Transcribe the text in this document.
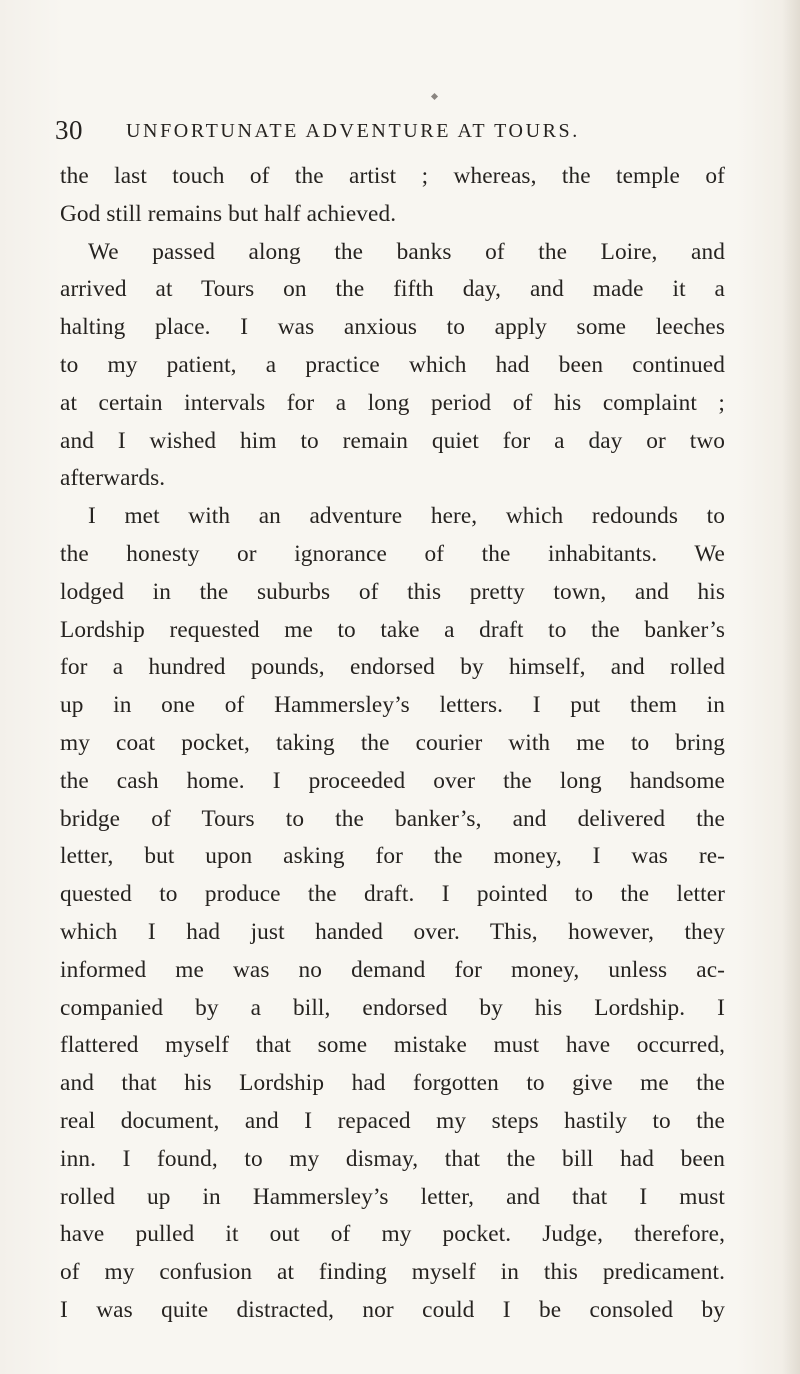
30 UNFORTUNATE ADVENTURE AT TOURS.
the last touch of the artist ; whereas, the temple of
God still remains but half achieved.
We passed along the banks of the Loire, and
arrived at Tours on the fifth day, and made it a
halting place. I was anxious to apply some leeches
to my patient, a practice which had been continued
at certain intervals for a long period of his complaint ;
and I wished him to remain quiet for a day or two
afterwards.
I met with an adventure here, which redounds to
the honesty or ignorance of the inhabitants. We
lodged in the suburbs of this pretty town, and his
Lordship requested me to take a draft to the banker’s
for a hundred pounds, endorsed by himself, and rolled
up in one of Hammersley’s letters. I put them in
my coat pocket, taking the courier with me to bring
the cash home. I proceeded over the long handsome
bridge of Tours to the banker’s, and delivered the
letter, but upon asking for the money, I was re-
quested to produce the draft. I pointed to the letter
which I had just handed over. This, however, they
informed me was no demand for money, unless ac-
companied by a bill, endorsed by his Lordship. I
flattered myself that some mistake must have occurred,
and that his Lordship had forgotten to give me the
real document, and I repaced my steps hastily to the
inn. I found, to my dismay, that the bill had been
rolled up in Hammersley’s letter, and that I must
have pulled it out of my pocket. Judge, therefore,
of my confusion at finding myself in this predicament.
I was quite distracted, nor could I be consoled by
